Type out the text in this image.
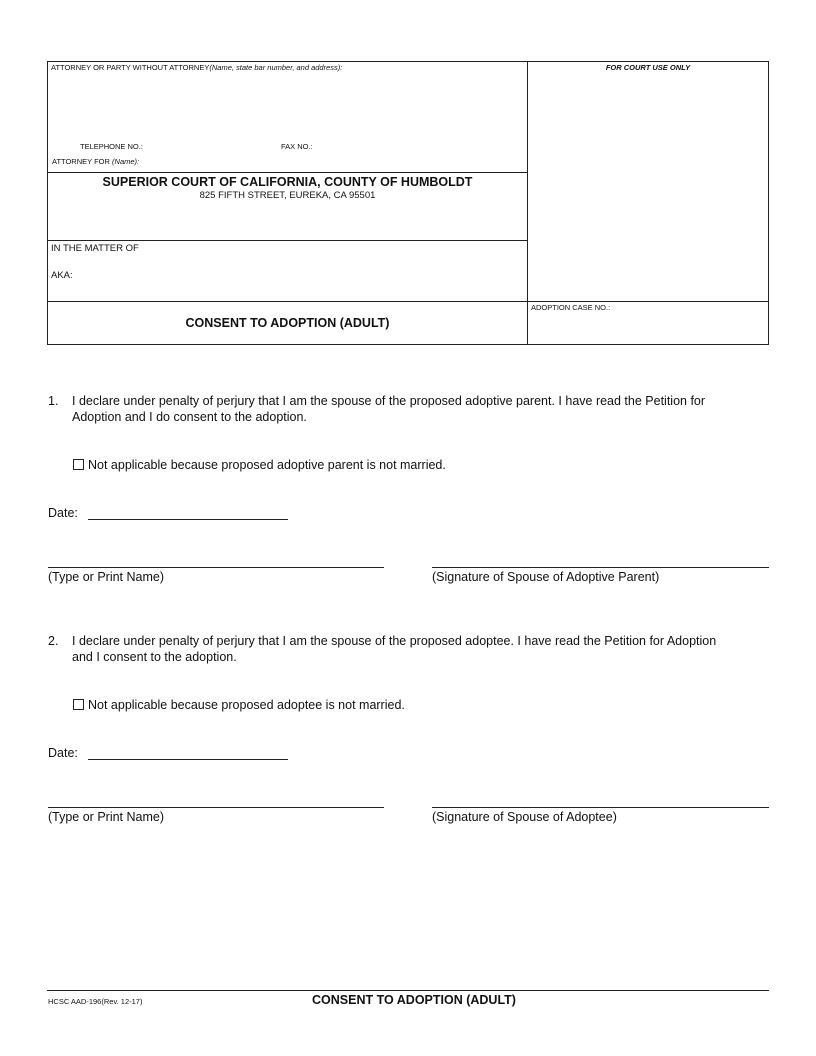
ATTORNEY OR PARTY WITHOUT ATTORNEY(Name, state bar number, and address):	FOR COURT USE ONLY
TELEPHONE NO.:	FAX NO.:
ATTORNEY FOR (Name):
SUPERIOR COURT OF CALIFORNIA, COUNTY OF HUMBOLDT
825 FIFTH STREET, EUREKA, CA 95501
IN THE MATTER OF
AKA:
CONSENT TO ADOPTION (ADULT)
ADOPTION CASE NO.:
1. I declare under penalty of perjury that I am the spouse of the proposed adoptive parent. I have read the Petition for
Adoption and I do consent to the adoption.
Not applicable because proposed adoptive parent is not married.
Date:
(Type or Print Name)	(Signature of Spouse of Adoptive Parent)
2. I declare under penalty of perjury that I am the spouse of the proposed adoptee. I have read the Petition for Adoption
and I consent to the adoption.
Not applicable because proposed adoptee is not married.
Date:
(Type or Print Name)	(Signature of Spouse of Adoptee)
HCSC AAD-196(Rev. 12-17)	CONSENT TO ADOPTION (ADULT)
